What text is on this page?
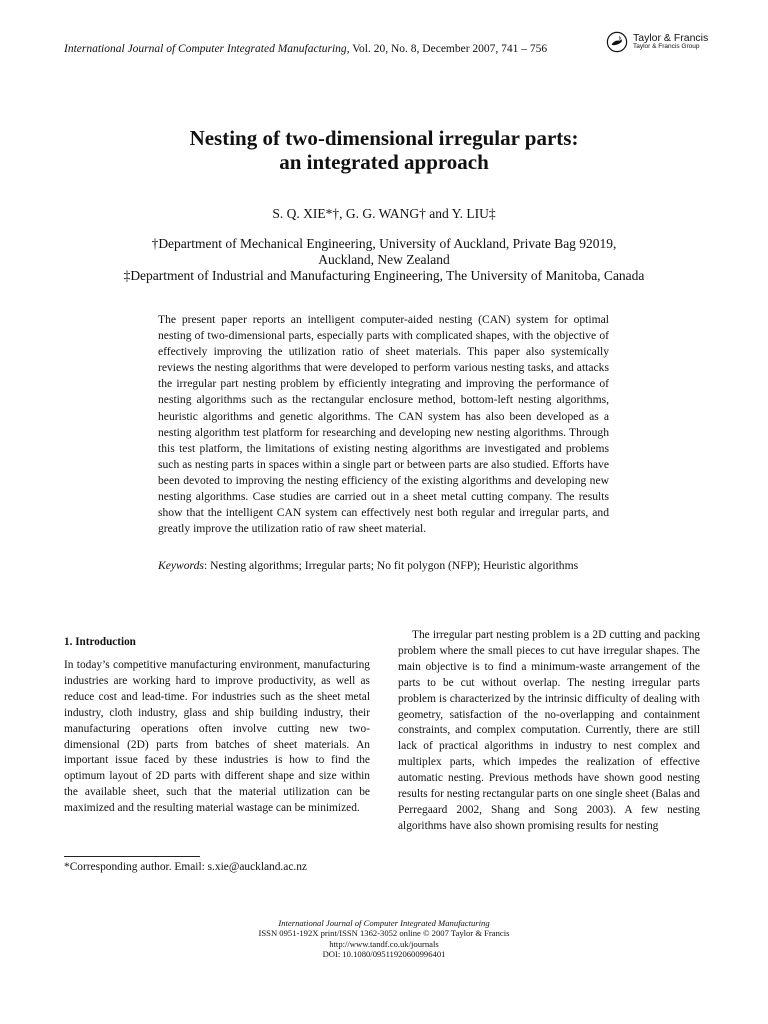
International Journal of Computer Integrated Manufacturing, Vol. 20, No. 8, December 2007, 741 – 756
Taylor & Francis
Taylor & Francis Group
Nesting of two-dimensional irregular parts:
an integrated approach
S. Q. XIE*†, G. G. WANG† and Y. LIU‡
†Department of Mechanical Engineering, University of Auckland, Private Bag 92019,
Auckland, New Zealand
‡Department of Industrial and Manufacturing Engineering, The University of Manitoba, Canada

The present paper reports an intelligent computer-aided nesting (CAN) system for optimal nesting of two-dimensional parts, especially parts with complicated shapes, with the objective of effectively improving the utilization ratio of sheet materials. This paper also systemically reviews the nesting algorithms that were developed to perform various nesting tasks, and attacks the irregular part nesting problem by efficiently integrating and improving the performance of nesting algorithms such as the rectangular enclosure method, bottom-left nesting algorithms, heuristic algorithms and genetic algorithms. The CAN system has also been developed as a nesting algorithm test platform for researching and developing new nesting algorithms. Through this test platform, the limitations of existing nesting algorithms are investigated and problems such as nesting parts in spaces within a single part or between parts are also studied. Efforts have been devoted to improving the nesting efficiency of the existing algorithms and developing new nesting algorithms. Case studies are carried out in a sheet metal cutting company. The results show that the intelligent CAN system can effectively nest both regular and irregular parts, and greatly improve the utilization ratio of raw sheet material.

Keywords: Nesting algorithms; Irregular parts; No fit polygon (NFP); Heuristic algorithms

1. Introduction

In today’s competitive manufacturing environment, manufacturing industries are working hard to improve productivity, as well as reduce cost and lead-time. For industries such as the sheet metal industry, cloth industry, glass and ship building industry, their manufacturing operations often involve cutting new two-dimensional (2D) parts from batches of sheet materials. An important issue faced by these industries is how to find the optimum layout of 2D parts with different shape and size within the available sheet, such that the material utilization can be maximized and the resulting material wastage can be minimized.

The irregular part nesting problem is a 2D cutting and packing problem where the small pieces to cut have irregular shapes. The main objective is to find a minimum-waste arrangement of the parts to be cut without overlap. The nesting irregular parts problem is characterized by the intrinsic difficulty of dealing with geometry, satisfaction of the no-overlapping and containment constraints, and complex computation. Currently, there are still lack of practical algorithms in industry to nest complex and multiplex parts, which impedes the realization of effective automatic nesting. Previous methods have shown good nesting results for nesting rectangular parts on one single sheet (Balas and Perregaard 2002, Shang and Song 2003). A few nesting algorithms have also shown promising results for nesting

*Corresponding author. Email: s.xie@auckland.ac.nz

International Journal of Computer Integrated Manufacturing
ISSN 0951-192X print/ISSN 1362-3052 online © 2007 Taylor & Francis
http://www.tandf.co.uk/journals
DOI: 10.1080/09511920600996401
